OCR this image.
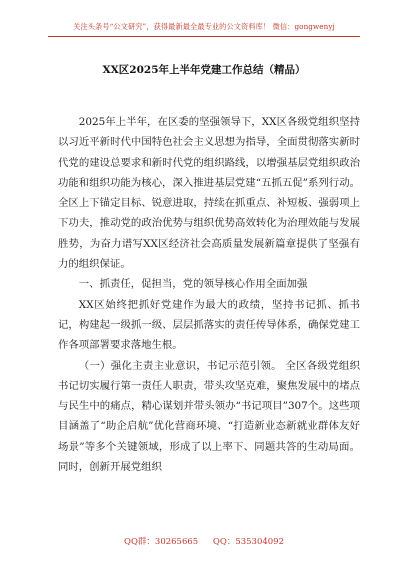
关注头条号“公文研究”，获得最新最全最专业的公文资料库！ 微信：gongwenyj
XX区2025年上半年党建工作总结（精品）

2025年上半年，在区委的坚强领导下，XX区各级党组织坚持以习近平新时代中国特色社会主义思想为指导，全面贯彻落实新时代党的建设总要求和新时代党的组织路线，以增强基层党组织政治功能和组织功能为核心，深入推进基层党建“五抓五促”系列行动。全区上下锚定目标、锐意进取，持续在抓重点、补短板、强弱项上下功夫，推动党的政治优势与组织优势高效转化为治理效能与发展胜势，为奋力谱写XX区经济社会高质量发展新篇章提供了坚强有力的组织保证。

一、抓责任，促担当，党的领导核心作用全面加强

XX区始终把抓好党建作为最大的政绩，坚持书记抓、抓书记，构建起一级抓一级、层层抓落实的责任传导体系，确保党建工作各项部署要求落地生根。

（一）强化主责主业意识，书记示范引领。 全区各级党组织书记切实履行第一责任人职责，带头攻坚克难，聚焦发展中的堵点与民生中的痛点，精心谋划并带头领办“书记项目”307个。这些项目涵盖了“助企启航”优化营商环境、“打造新业态新就业群体友好场景”等多个关键领域，形成了以上率下、同题共答的生动局面。同时，创新开展党组织

QQ群：30265665 QQ：535304092
